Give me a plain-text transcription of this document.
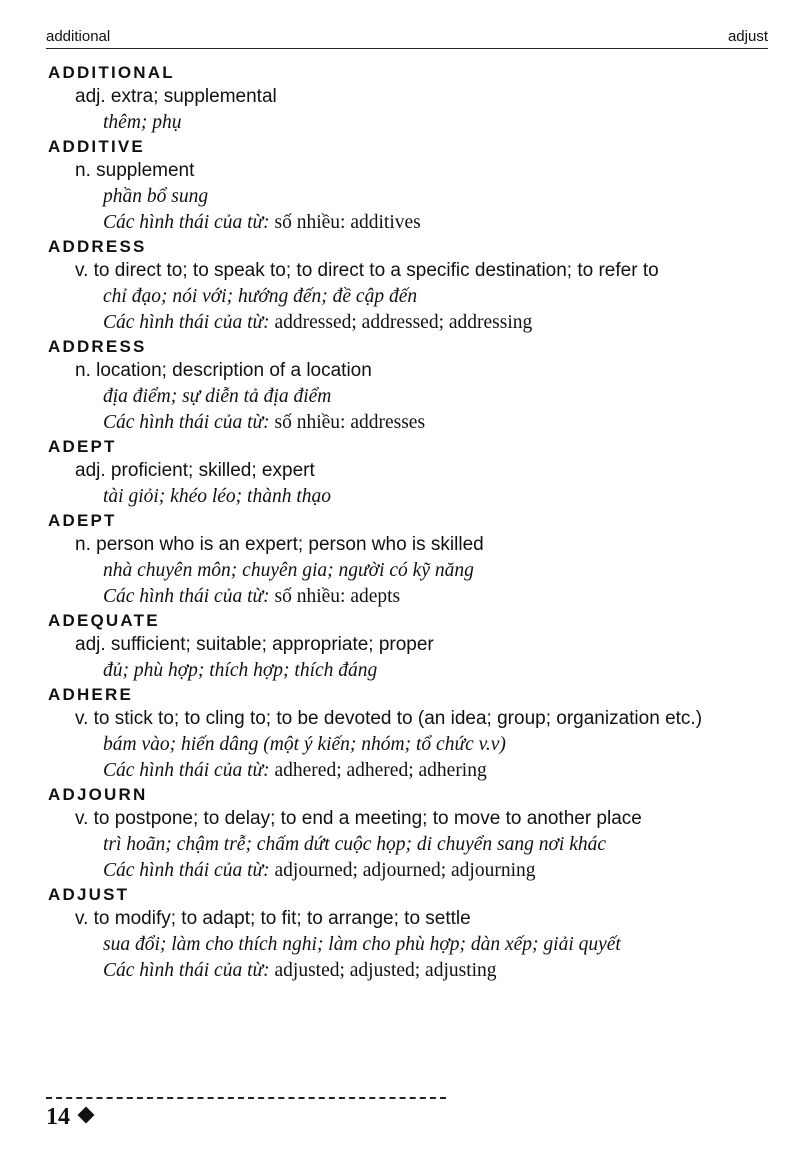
additional	adjust
ADDITIONAL
adj. extra; supplemental
thêm; phụ
ADDITIVE
n. supplement
phần bổ sung
Các hình thái của từ: số nhiều: additives
ADDRESS
v. to direct to; to speak to; to direct to a specific destination; to refer to
chỉ đạo; nói với; hướng đến; đề cập đến
Các hình thái của từ: addressed; addressed; addressing
ADDRESS
n. location; description of a location
địa điểm; sự diễn tả địa điểm
Các hình thái của từ: số nhiều: addresses
ADEPT
adj. proficient; skilled; expert
tài giỏi; khéo léo; thành thạo
ADEPT
n. person who is an expert; person who is skilled
nhà chuyên môn; chuyên gia; người có kỹ năng
Các hình thái của từ: số nhiều: adepts
ADEQUATE
adj. sufficient; suitable; appropriate; proper
đủ; phù hợp; thích hợp; thích đáng
ADHERE
v. to stick to; to cling to; to be devoted to (an idea; group; organization etc.)
bám vào; hiến dâng (một ý kiến; nhóm; tổ chức v.v)
Các hình thái của từ: adhered; adhered; adhering
ADJOURN
v. to postpone; to delay; to end a meeting; to move to another place
trì hoãn; chậm trễ; chấm dứt cuộc họp; di chuyển sang nơi khác
Các hình thái của từ: adjourned; adjourned; adjourning
ADJUST
v. to modify; to adapt; to fit; to arrange; to settle
sua đổi; làm cho thích nghi; làm cho phù hợp; dàn xếp; giải quyết
Các hình thái của từ: adjusted; adjusted; adjusting
14
